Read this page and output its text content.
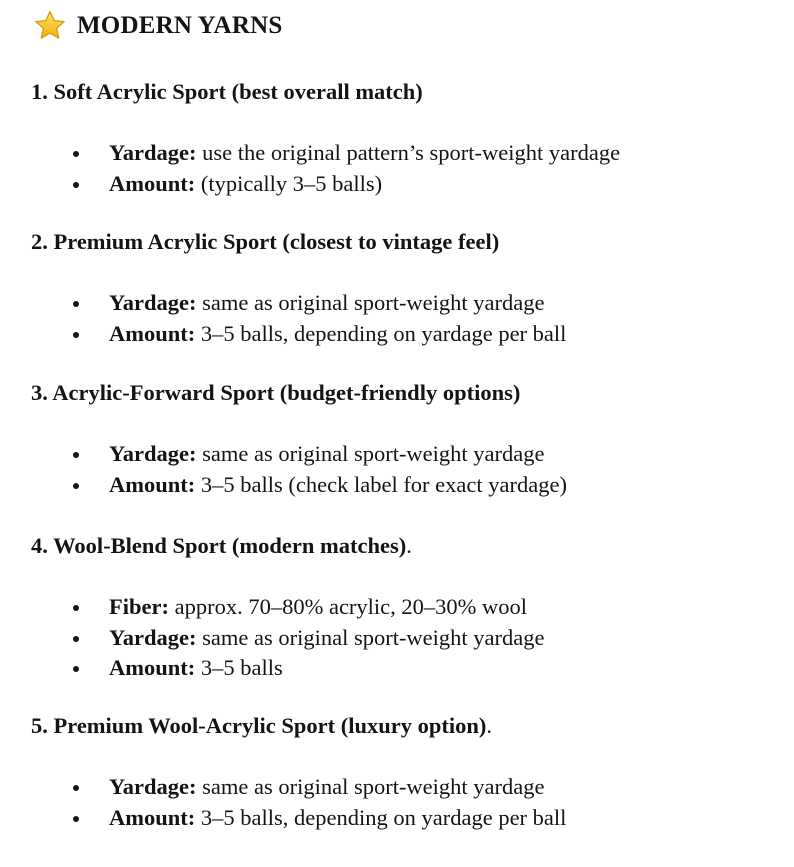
MODERN YARNS
1. Soft Acrylic Sport (best overall match)
Yardage: use the original pattern’s sport-weight yardage
Amount: (typically 3–5 balls)
2. Premium Acrylic Sport (closest to vintage feel)
Yardage: same as original sport-weight yardage
Amount: 3–5 balls, depending on yardage per ball
3. Acrylic-Forward Sport (budget-friendly options)
Yardage: same as original sport-weight yardage
Amount: 3–5 balls (check label for exact yardage)
4. Wool-Blend Sport (modern matches).
Fiber: approx. 70–80% acrylic, 20–30% wool
Yardage: same as original sport-weight yardage
Amount: 3–5 balls
5. Premium Wool-Acrylic Sport (luxury option).
Yardage: same as original sport-weight yardage
Amount: 3–5 balls, depending on yardage per ball
